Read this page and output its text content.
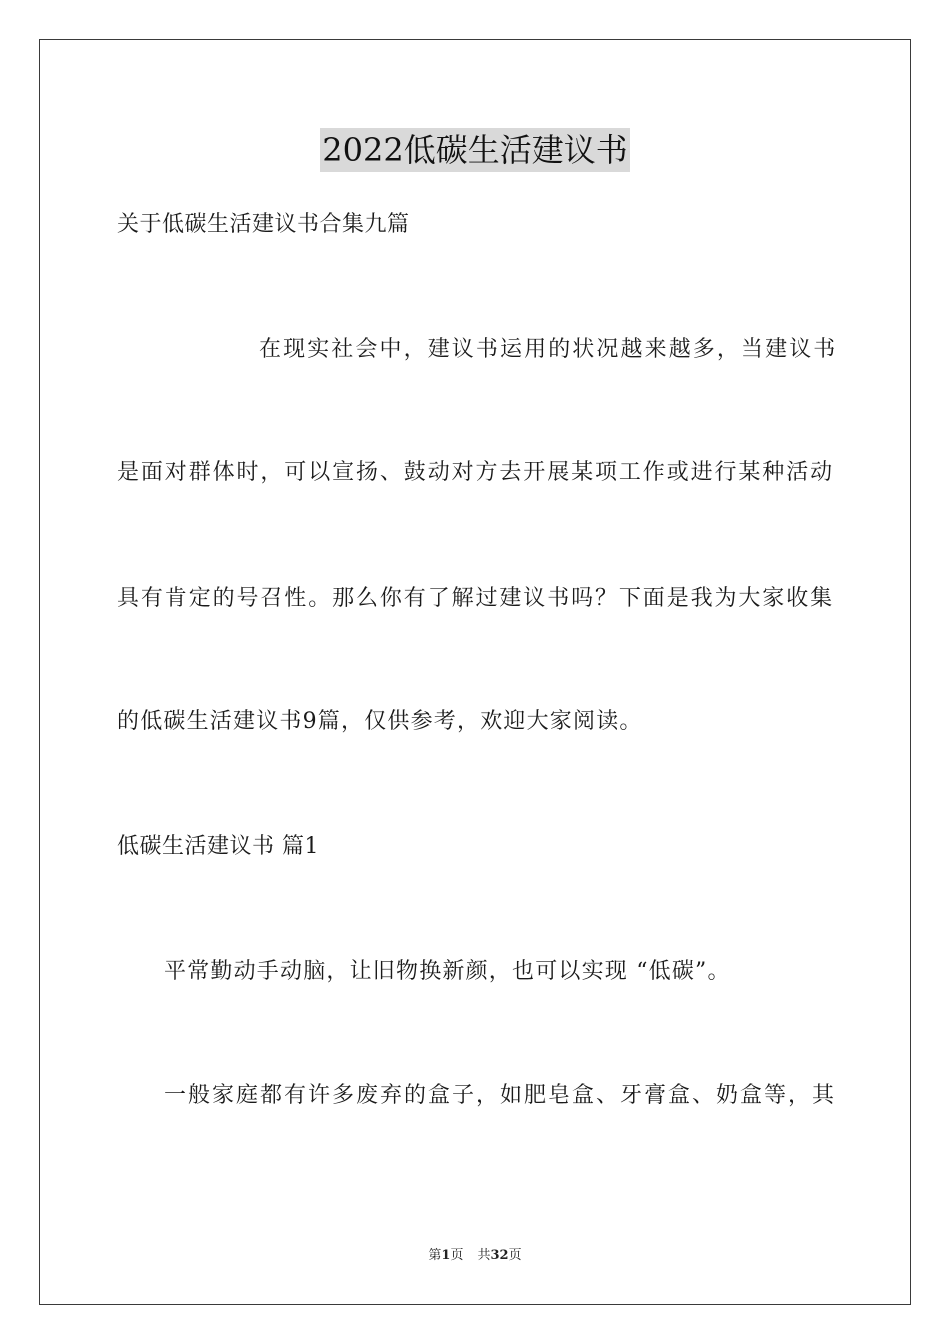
2022低碳生活建议书
关于低碳生活建议书合集九篇
在现实社会中，建议书运用的状况越来越多，当建议书
是面对群体时，可以宣扬、鼓动对方去开展某项工作或进行某种活动
具有肯定的号召性。那么你有了解过建议书吗？下面是我为大家收集
的低碳生活建议书9篇，仅供参考，欢迎大家阅读。
低碳生活建议书 篇1
平常勤动手动脑，让旧物换新颜，也可以实现 “低碳”。
一般家庭都有许多废弃的盒子，如肥皂盒、牙膏盒、奶盒等，其
第1页 共32页
